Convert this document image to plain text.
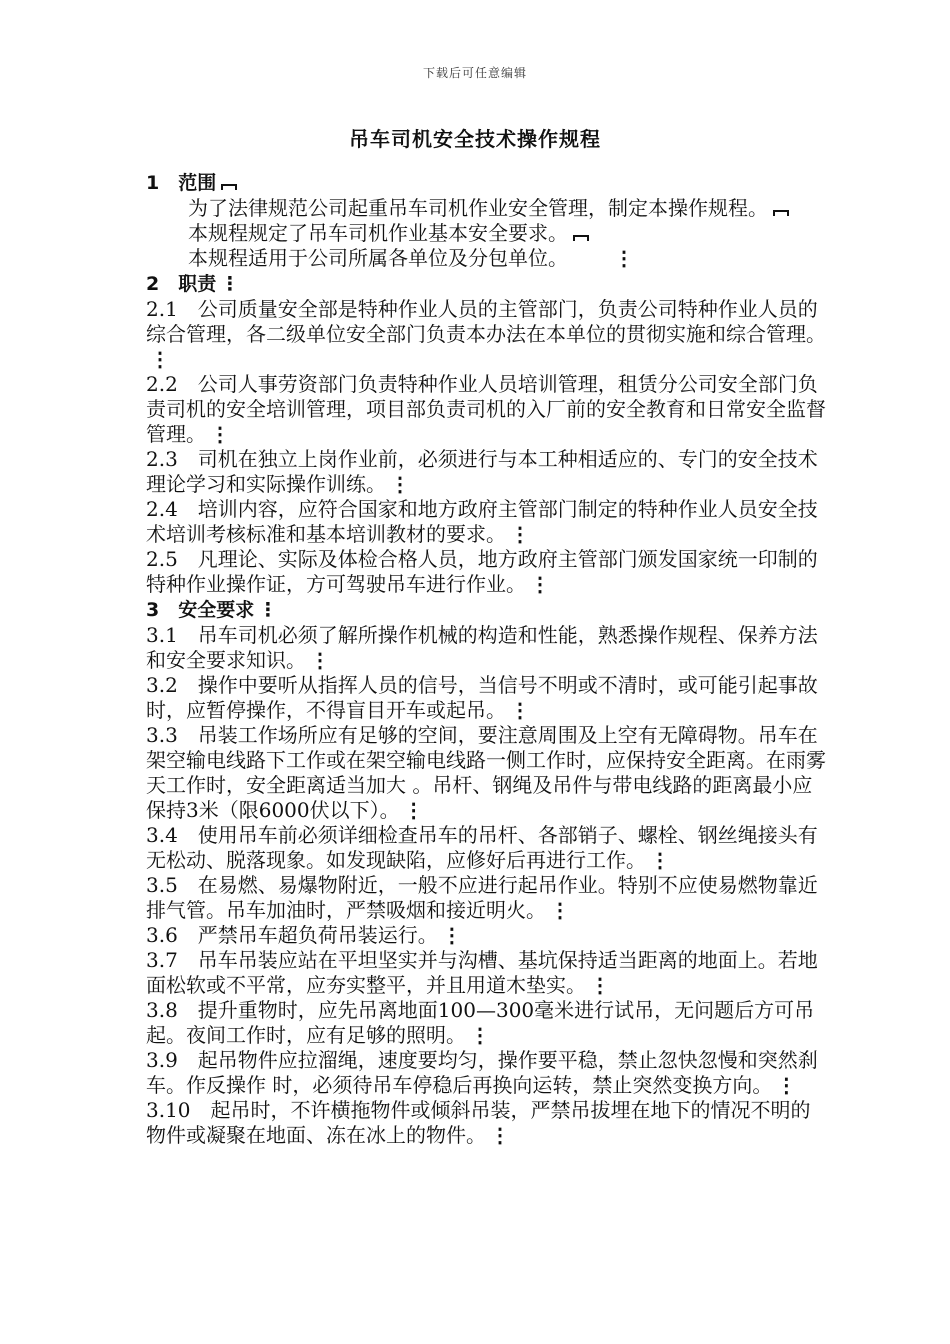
下载后可任意编辑
吊车司机安全技术操作规程

1　范围

为了法律规范公司起重吊车司机作业安全管理，制定本操作规程。

本规程规定了吊车司机作业基本安全要求。

本规程适用于公司所属各单位及分包单位。 ⋮

2　职责 ⋮

2.1　公司质量安全部是特种作业人员的主管部门，负责公司特种作业人员的综合管理，各二级单位安全部门负责本办法在本单位的贯彻实施和综合管理。⋮

2.2　公司人事劳资部门负责特种作业人员培训管理，租赁分公司安全部门负责司机的安全培训管理，项目部负责司机的入厂前的安全教育和日常安全监督管理。 ⋮

2.3　司机在独立上岗作业前，必须进行与本工种相适应的、专门的安全技术理论学习和实际操作训练。 ⋮

2.4　培训内容，应符合国家和地方政府主管部门制定的特种作业人员安全技术培训考核标准和基本培训教材的要求。 ⋮

2.5　凡理论、实际及体检合格人员，地方政府主管部门颁发国家统一印制的特种作业操作证，方可驾驶吊车进行作业。 ⋮

3　安全要求 ⋮

3.1　吊车司机必须了解所操作机械的构造和性能，熟悉操作规程、保养方法和安全要求知识。 ⋮

3.2　操作中要听从指挥人员的信号，当信号不明或不清时，或可能引起事故时，应暂停操作，不得盲目开车或起吊。 ⋮

3.3　吊装工作场所应有足够的空间，要注意周围及上空有无障碍物。吊车在架空输电线路下工作或在架空输电线路一侧工作时，应保持安全距离。在雨雾天工作时，安全距离适当加大 。吊杆、钢绳及吊件与带电线路的距离最小应保持3米（限6000伏以下）。 ⋮

3.4　使用吊车前必须详细检查吊车的吊杆、各部销子、螺栓、钢丝绳接头有无松动、脱落现象。如发现缺陷，应修好后再进行工作。 ⋮

3.5　在易燃、易爆物附近，一般不应进行起吊作业。特别不应使易燃物靠近排气管。吊车加油时，严禁吸烟和接近明火。 ⋮

3.6　严禁吊车超负荷吊装运行。 ⋮

3.7　吊车吊装应站在平坦坚实并与沟槽、基坑保持适当距离的地面上。若地面松软或不平常，应夯实整平，并且用道木垫实。 ⋮

3.8　提升重物时，应先吊离地面100—300毫米进行试吊，无问题后方可吊起。夜间工作时，应有足够的照明。 ⋮

3.9　起吊物件应拉溜绳，速度要均匀，操作要平稳，禁止忽快忽慢和突然刹车。作反操作 时，必须待吊车停稳后再换向运转，禁止突然变换方向。 ⋮

3.10　起吊时，不许横拖物件或倾斜吊装，严禁吊拔埋在地下的情况不明的物件或凝聚在地面、冻在冰上的物件。 ⋮
